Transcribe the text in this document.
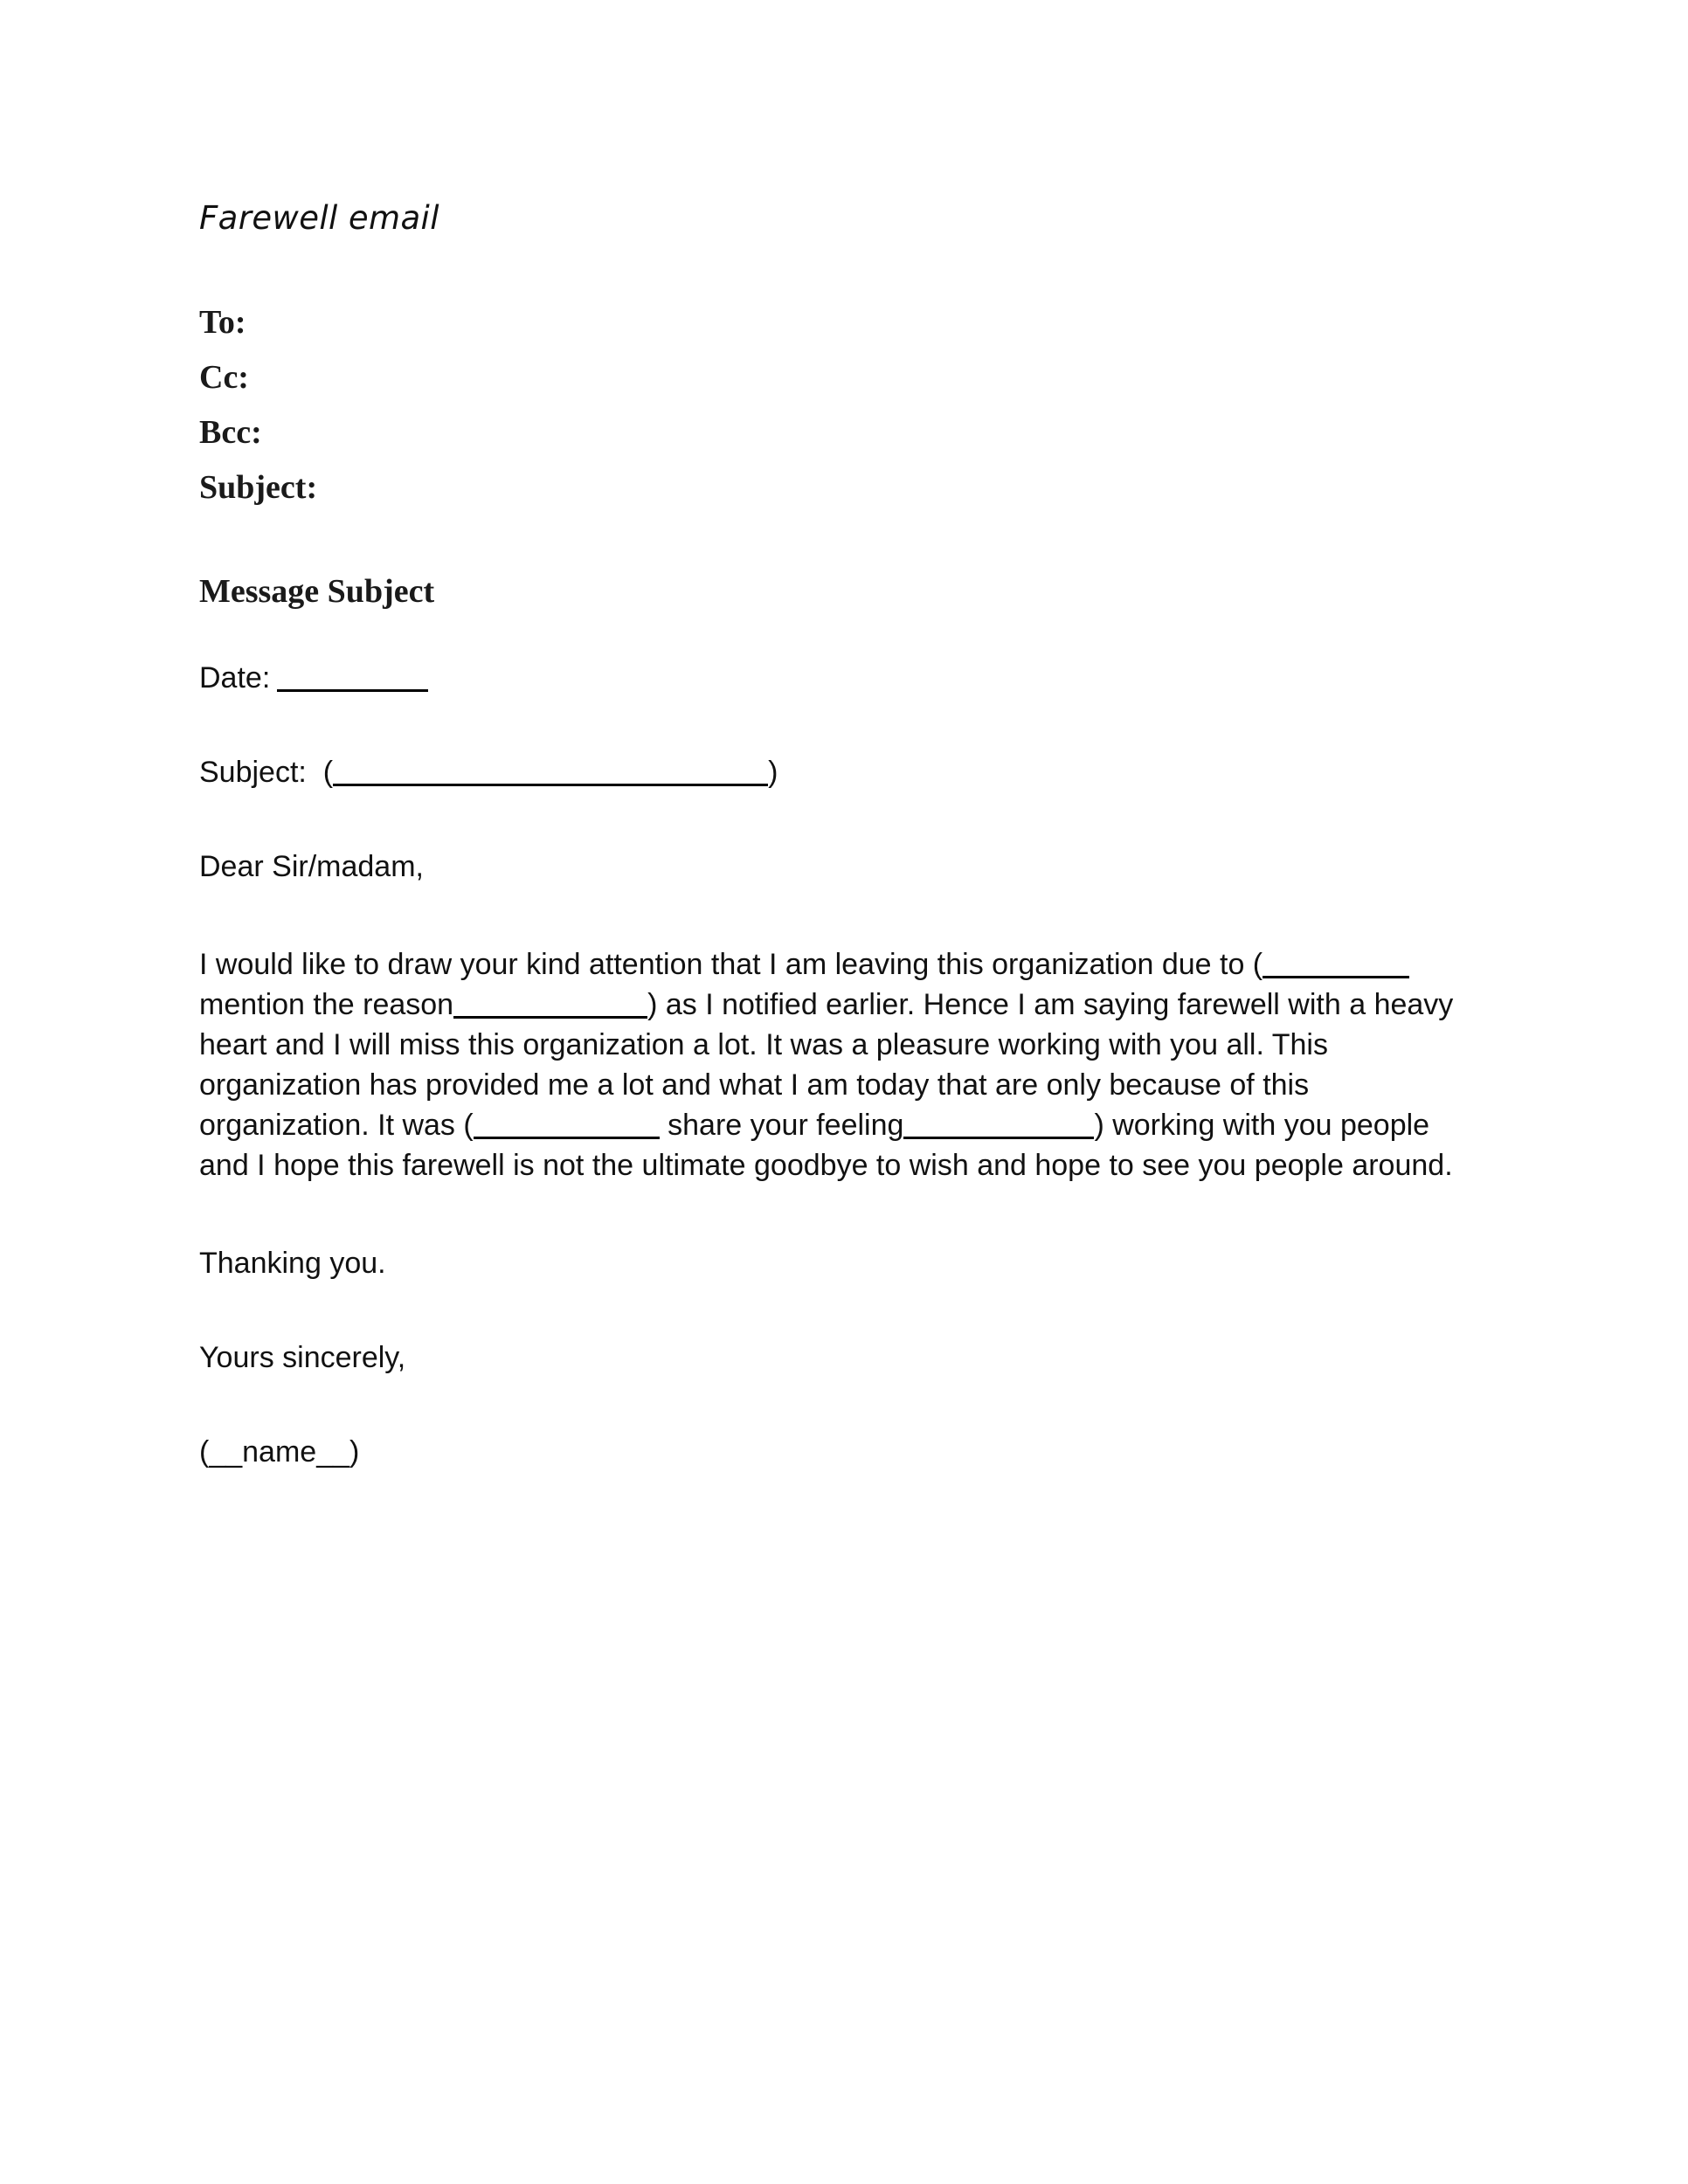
Farewell email
To:
Cc:
Bcc:
Subject:
Message Subject

Date:

Subject: (	)

Dear Sir/madam,

I would like to draw your kind attention that I am leaving this organization due to ( mention the reason	) as I notified earlier. Hence I am saying farewell with a heavy heart and I will miss this organization a lot. It was a pleasure working with you all. This organization has provided me a lot and what I am today that are only because of this organization. It was (	share your feeling	) working with you people and I hope this farewell is not the ultimate goodbye to wish and hope to see you people around.

Thanking you.

Yours sincerely,

(__name__)
